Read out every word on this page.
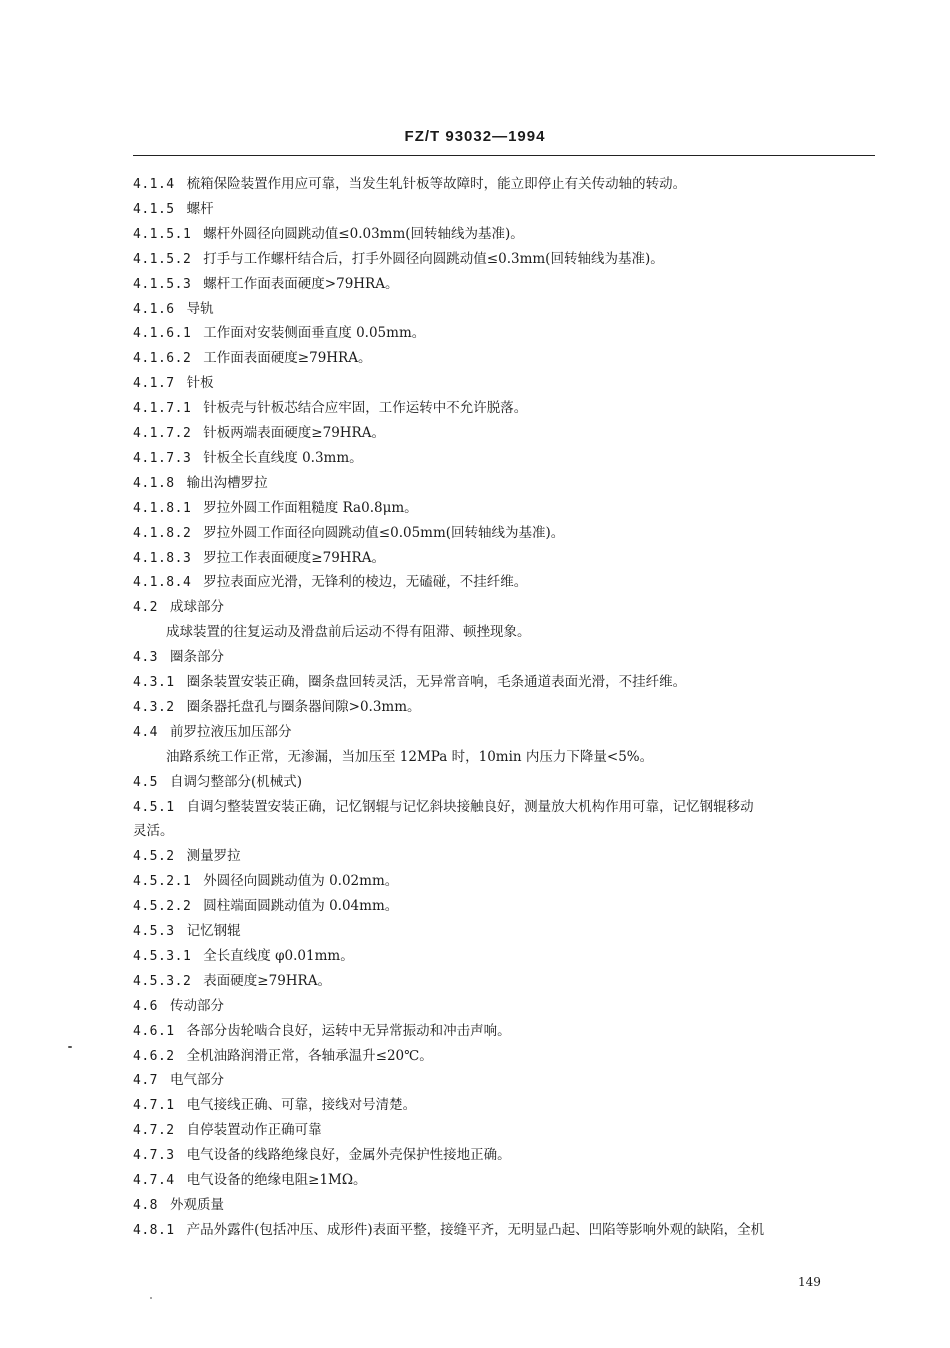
FZ/T 93032—1994
4.1.4 梳箱保险装置作用应可靠，当发生轧针板等故障时，能立即停止有关传动轴的转动。
4.1.5 螺杆
4.1.5.1 螺杆外圆径向圆跳动值≤0.03mm(回转轴线为基准)。
4.1.5.2 打手与工作螺杆结合后，打手外圆径向圆跳动值≤0.3mm(回转轴线为基准)。
4.1.5.3 螺杆工作面表面硬度>79HRA。
4.1.6 导轨
4.1.6.1 工作面对安装侧面垂直度 0.05mm。
4.1.6.2 工作面表面硬度≥79HRA。
4.1.7 针板
4.1.7.1 针板壳与针板芯结合应牢固，工作运转中不允许脱落。
4.1.7.2 针板两端表面硬度≥79HRA。
4.1.7.3 针板全长直线度 0.3mm。
4.1.8 输出沟槽罗拉
4.1.8.1 罗拉外圆工作面粗糙度 Ra0.8μm。
4.1.8.2 罗拉外圆工作面径向圆跳动值≤0.05mm(回转轴线为基准)。
4.1.8.3 罗拉工作表面硬度≥79HRA。
4.1.8.4 罗拉表面应光滑，无锋利的棱边，无磕碰，不挂纤维。
4.2 成球部分
成球装置的往复运动及滑盘前后运动不得有阻滞、顿挫现象。
4.3 圈条部分
4.3.1 圈条装置安装正确，圈条盘回转灵活，无异常音响，毛条通道表面光滑，不挂纤维。
4.3.2 圈条器托盘孔与圈条器间隙>0.3mm。
4.4 前罗拉液压加压部分
油路系统工作正常，无渗漏，当加压至 12MPa 时，10min 内压力下降量<5%。
4.5 自调匀整部分(机械式)
4.5.1 自调匀整装置安装正确，记忆钢辊与记忆斜块接触良好，测量放大机构作用可靠，记忆钢辊移动
灵活。
4.5.2 测量罗拉
4.5.2.1 外圆径向圆跳动值为 0.02mm。
4.5.2.2 圆柱端面圆跳动值为 0.04mm。
4.5.3 记忆钢辊
4.5.3.1 全长直线度 φ0.01mm。
4.5.3.2 表面硬度≥79HRA。
4.6 传动部分
4.6.1 各部分齿轮啮合良好，运转中无异常振动和冲击声响。
4.6.2 全机油路润滑正常，各轴承温升≤20℃。
4.7 电气部分
4.7.1 电气接线正确、可靠，接线对号清楚。
4.7.2 自停装置动作正确可靠
4.7.3 电气设备的线路绝缘良好，金属外壳保护性接地正确。
4.7.4 电气设备的绝缘电阻≥1MΩ。
4.8 外观质量
4.8.1 产品外露件(包括冲压、成形件)表面平整，接缝平齐，无明显凸起、凹陷等影响外观的缺陷，全机
149
